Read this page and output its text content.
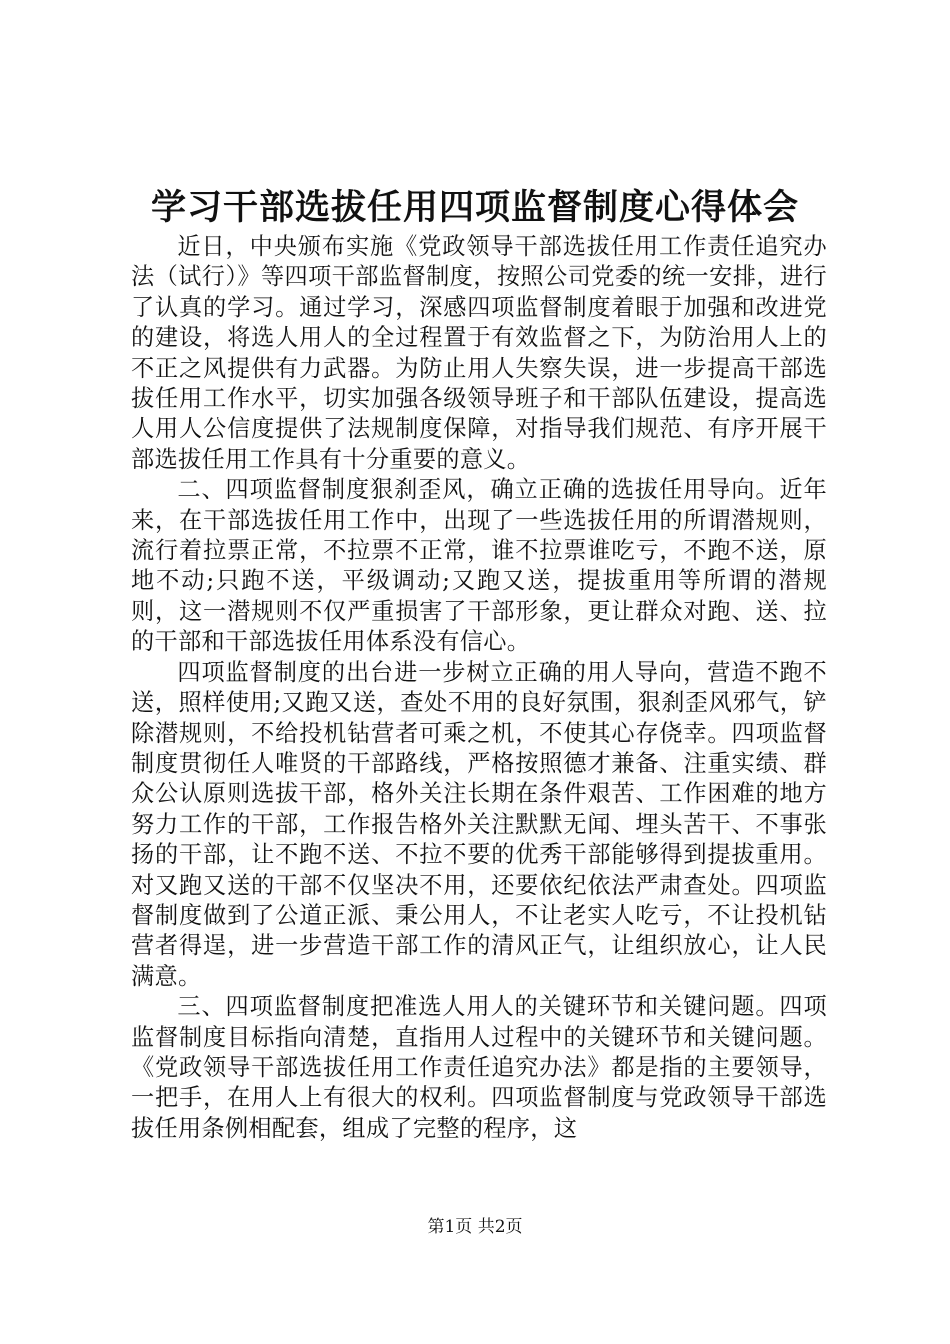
学习干部选拔任用四项监督制度心得体会

近日，中央颁布实施《党政领导干部选拔任用工作责任追究办法（试行）》等四项干部监督制度，按照公司党委的统一安排，进行了认真的学习。通过学习，深感四项监督制度着眼于加强和改进党的建设，将选人用人的全过程置于有效监督之下，为防治用人上的不正之风提供有力武器。为防止用人失察失误，进一步提高干部选拔任用工作水平，切实加强各级领导班子和干部队伍建设，提高选人用人公信度提供了法规制度保障，对指导我们规范、有序开展干部选拔任用工作具有十分重要的意义。

二、四项监督制度狠刹歪风，确立正确的选拔任用导向。近年来，在干部选拔任用工作中，出现了一些选拔任用的所谓潜规则，流行着拉票正常，不拉票不正常，谁不拉票谁吃亏，不跑不送，原地不动;只跑不送，平级调动;又跑又送，提拔重用等所谓的潜规则，这一潜规则不仅严重损害了干部形象，更让群众对跑、送、拉的干部和干部选拔任用体系没有信心。

四项监督制度的出台进一步树立正确的用人导向，营造不跑不送，照样使用;又跑又送，查处不用的良好氛围，狠刹歪风邪气，铲除潜规则，不给投机钻营者可乘之机，不使其心存侥幸。四项监督制度贯彻任人唯贤的干部路线，严格按照德才兼备、注重实绩、群众公认原则选拔干部，格外关注长期在条件艰苦、工作困难的地方努力工作的干部，工作报告格外关注默默无闻、埋头苦干、不事张扬的干部，让不跑不送、不拉不要的优秀干部能够得到提拔重用。对又跑又送的干部不仅坚决不用，还要依纪依法严肃查处。四项监督制度做到了公道正派、秉公用人，不让老实人吃亏，不让投机钻营者得逞，进一步营造干部工作的清风正气，让组织放心，让人民满意。

三、四项监督制度把准选人用人的关键环节和关键问题。四项监督制度目标指向清楚，直指用人过程中的关键环节和关键问题。《党政领导干部选拔任用工作责任追究办法》都是指的主要领导，一把手，在用人上有很大的权利。四项监督制度与党政领导干部选拔任用条例相配套，组成了完整的程序，这

第1页 共2页
